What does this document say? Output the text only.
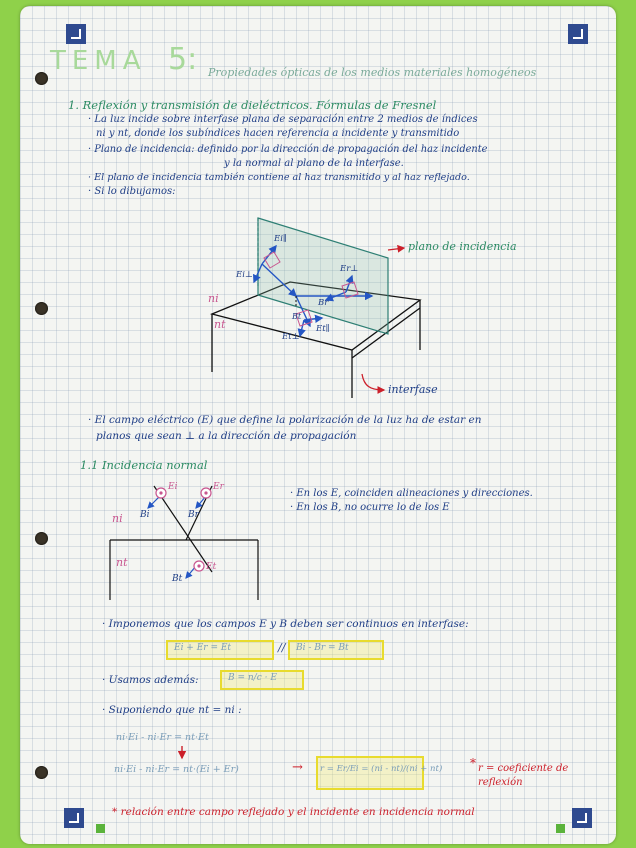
TEMA 5: Propiedades ópticas de los medios materiales homogéneos
1. Reflexión y transmisión de dieléctricos. Fórmulas de Fresnel
· La luz incide sobre interfase plana de separación entre 2 medios de índices
ni y nt, donde los subíndices hacen referencia a incidente y transmitido
· Plano de incidencia: definido por la dirección de propagación del haz incidente
y la normal al plano de la interfase.
· El plano de incidencia también contiene al haz transmitido y al haz reflejado.
· Si lo dibujamos:
Ei∥
Ei⊥
Er⊥
Br
Et⊥
Et∥
Bt
ni
nt
plano de incidencia
interfase
· El campo eléctrico (E) que define la polarización de la luz ha de estar en
planos que sean ⊥ a la dirección de propagación
1.1 Incidencia normal
Ei	Er
Bi	Br
Bt
Et
ni
nt
· En los E, coinciden alineaciones y direcciones.
· En los B, no ocurre lo de los E
· Imponemos que los campos E y B deben ser continuos en interfase:
Ei + Er = Et	// Bi - Br = Bt
· Usamos además:	B = n/c · E
· Suponiendo que nt = ni :
ni·Ei - ni·Er = nt·Et
ni·Ei - ni·Er = nt·(Ei + Er)	→ r = Er/Ei = (ni - nt)/(ni + nt) * r = coeficiente de reflexión
* relación entre campo reflejado y el incidente en incidencia normal
